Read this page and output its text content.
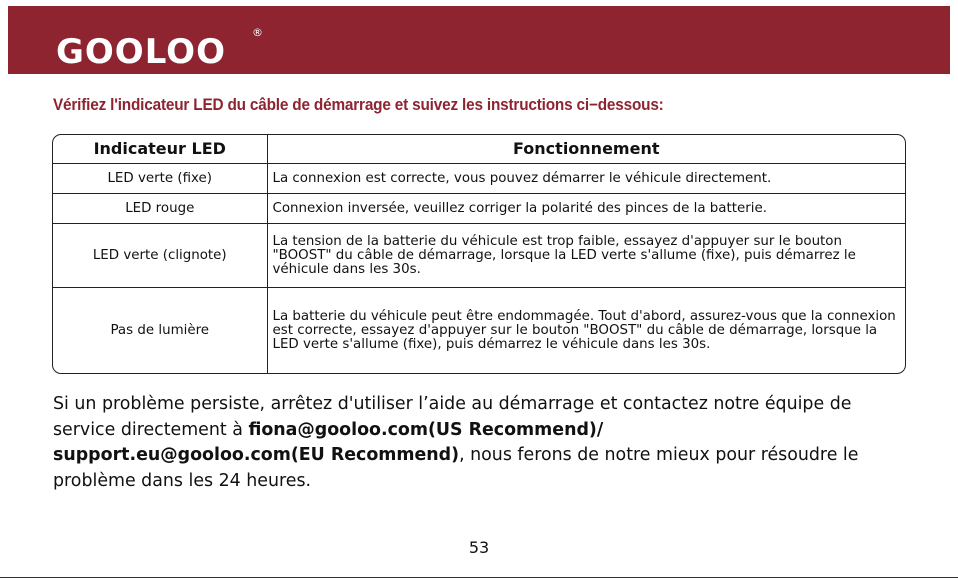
GOOLOO ®
Vérifiez l'indicateur LED du câble de démarrage et suivez les instructions ci−dessous:
Indicateur LED	Fonctionnement
LED verte (fixe)	La connexion est correcte, vous pouvez démarrer le véhicule directement.
LED rouge	Connexion inversée, veuillez corriger la polarité des pinces de la batterie.
LED verte (clignote)	La tension de la batterie du véhicule est trop faible, essayez d'appuyer sur le bouton "BOOST" du câble de démarrage, lorsque la LED verte s'allume (fixe), puis démarrez le véhicule dans les 30s.
Pas de lumière	La batterie du véhicule peut être endommagée. Tout d'abord, assurez-vous que la connexion est correcte, essayez d'appuyer sur le bouton "BOOST" du câble de démarrage, lorsque la LED verte s'allume (fixe), puis démarrez le véhicule dans les 30s.
Si un problème persiste, arrêtez d'utiliser l’aide au démarrage et contactez notre équipe de service directement à fiona@gooloo.com(US Recommend)/
support.eu@gooloo.com(EU Recommend), nous ferons de notre mieux pour résoudre le problème dans les 24 heures.
53
